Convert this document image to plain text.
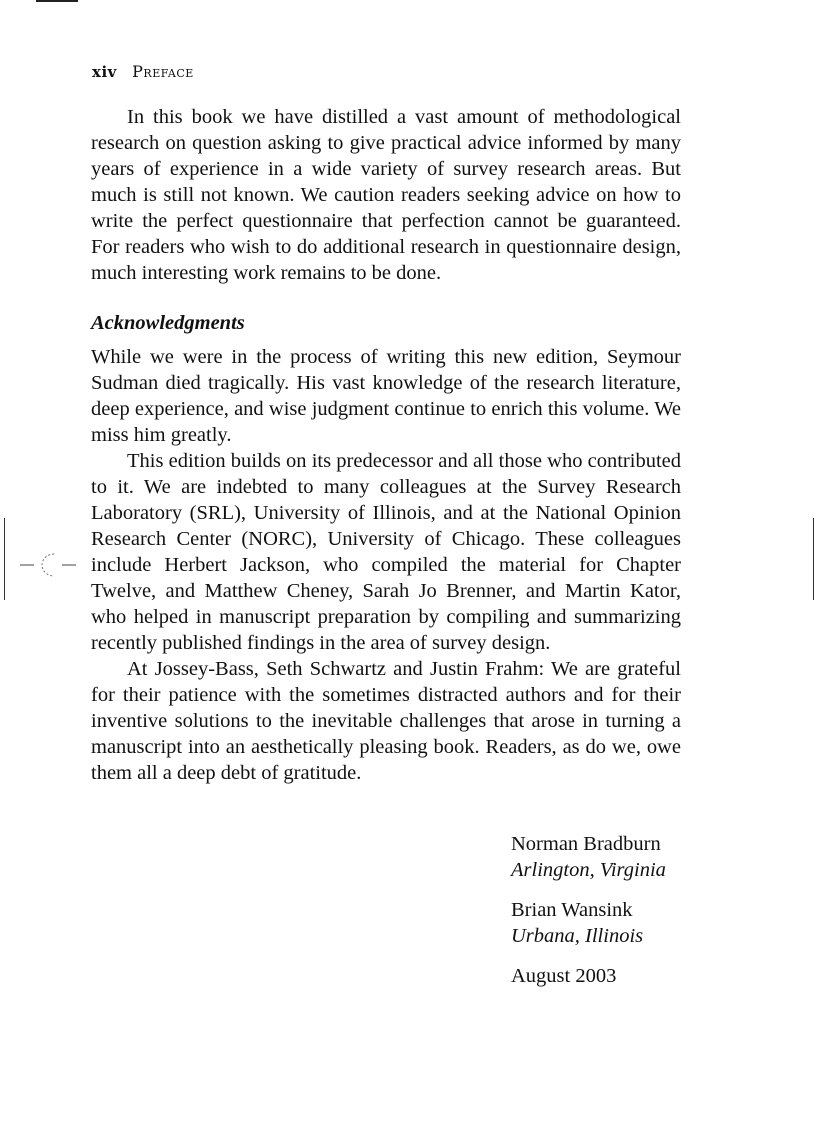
xiv Preface

In this book we have distilled a vast amount of methodological research on question asking to give practical advice informed by many years of experience in a wide variety of survey research areas. But much is still not known. We caution readers seeking advice on how to write the perfect questionnaire that perfection cannot be guaranteed. For readers who wish to do additional research in questionnaire design, much interesting work remains to be done.

Acknowledgments

While we were in the process of writing this new edition, Seymour Sudman died tragically. His vast knowledge of the research literature, deep experience, and wise judgment continue to enrich this volume. We miss him greatly.

This edition builds on its predecessor and all those who contributed to it. We are indebted to many colleagues at the Survey Research Laboratory (SRL), University of Illinois, and at the National Opinion Research Center (NORC), University of Chicago. These colleagues include Herbert Jackson, who compiled the material for Chapter Twelve, and Matthew Cheney, Sarah Jo Brenner, and Martin Kator, who helped in manuscript preparation by compiling and summarizing recently published findings in the area of survey design.

At Jossey-Bass, Seth Schwartz and Justin Frahm: We are grateful for their patience with the sometimes distracted authors and for their inventive solutions to the inevitable challenges that arose in turning a manuscript into an aesthetically pleasing book. Readers, as do we, owe them all a deep debt of gratitude.

Norman Bradburn

Arlington, Virginia

Brian Wansink

Urbana, Illinois

August 2003
